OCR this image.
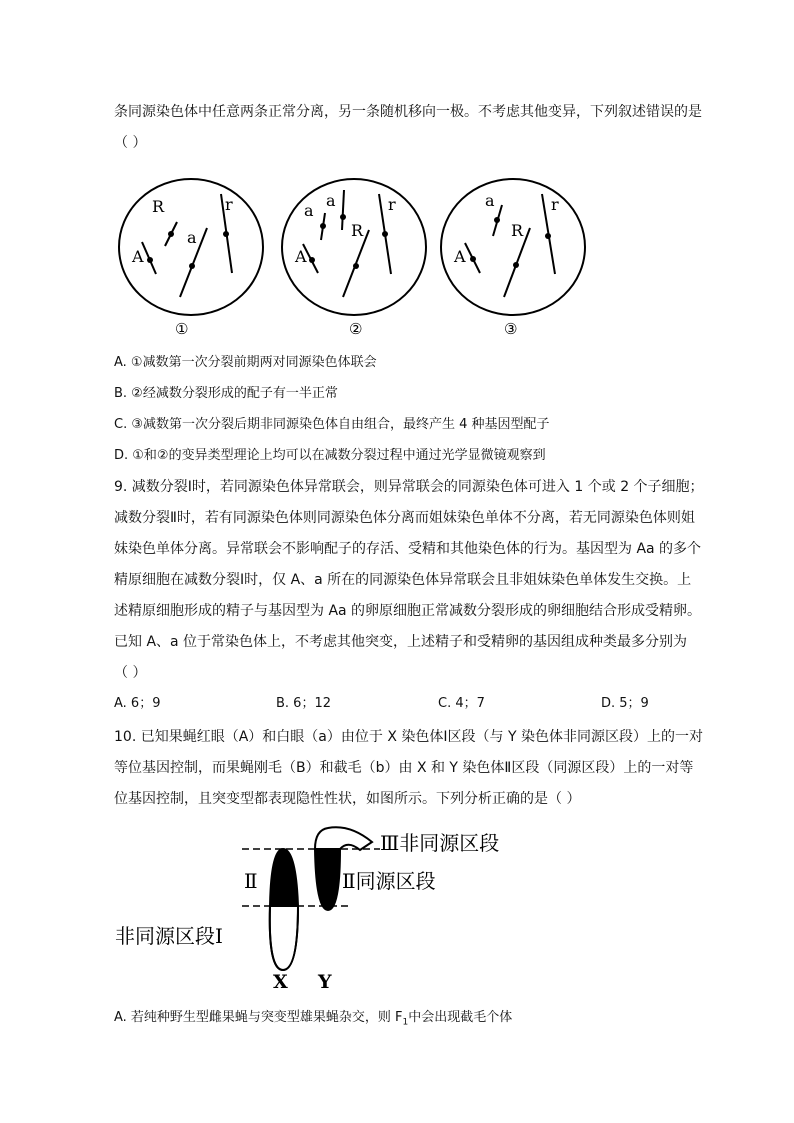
条同源染色体中任意两条正常分离，另一条随机移向一极。不考虑其他变异，下列叙述错误的是
（ ）
R	r
A
a
a
a	r
R
A
a	r
R
A
①	②	③
A. ①减数第一次分裂前期两对同源染色体联会
B. ②经减数分裂形成的配子有一半正常
C. ③减数第一次分裂后期非同源染色体自由组合，最终产生 4 种基因型配子
D. ①和②的变异类型理论上均可以在减数分裂过程中通过光学显微镜观察到
9. 减数分裂Ⅰ时，若同源染色体异常联会，则异常联会的同源染色体可进入 1 个或 2 个子细胞；
减数分裂Ⅱ时，若有同源染色体则同源染色体分离而姐妹染色单体不分离，若无同源染色体则姐
妹染色单体分离。异常联会不影响配子的存活、受精和其他染色体的行为。基因型为 Aa 的多个
精原细胞在减数分裂Ⅰ时，仅 A、a 所在的同源染色体异常联会且非姐妹染色单体发生交换。上
述精原细胞形成的精子与基因型为 Aa 的卵原细胞正常减数分裂形成的卵细胞结合形成受精卵。
已知 A、a 位于常染色体上，不考虑其他突变，上述精子和受精卵的基因组成种类最多分别为
（ ）
A. 6；9	B. 6；12	C. 4；7	D. 5；9
10. 已知果蝇红眼（A）和白眼（a）由位于 X 染色体Ⅰ区段（与 Y 染色体非同源区段）上的一对
等位基因控制，而果蝇刚毛（B）和截毛（b）由 X 和 Y 染色体Ⅱ区段（同源区段）上的一对等
位基因控制，且突变型都表现隐性性状，如图所示。下列分析正确的是（ ）
Ⅲ非同源区段
Ⅱ	Ⅱ同源区段
非同源区段Ⅰ
X Y
A. 若纯种野生型雌果蝇与突变型雄果蝇杂交，则 $F_1$中会出现截毛个体
